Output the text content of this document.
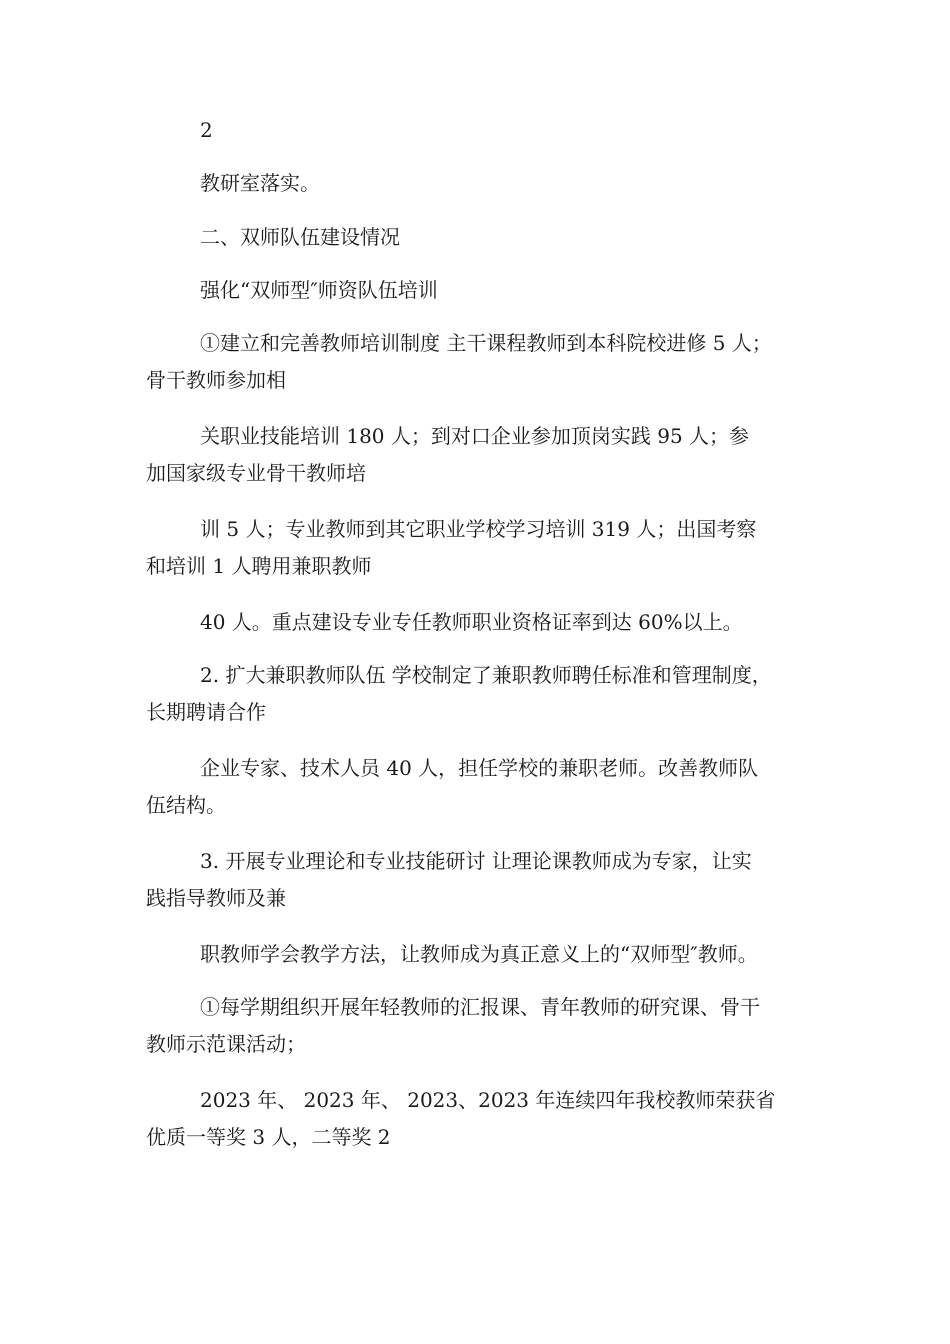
2

教研室落实。

二、双师队伍建设情况

强化“双师型″师资队伍培训

①建立和完善教师培训制度 主干课程教师到本科院校进修 5 人；
骨干教师参加相

关职业技能培训 180 人；到对口企业参加顶岗实践 95 人；参
加国家级专业骨干教师培

训 5 人；专业教师到其它职业学校学习培训 319 人；出国考察
和培训 1 人聘用兼职教师

40 人。重点建设专业专任教师职业资格证率到达 60%以上。

2. 扩大兼职教师队伍 学校制定了兼职教师聘任标准和管理制度，
长期聘请合作

企业专家、技术人员 40 人，担任学校的兼职老师。改善教师队
伍结构。

3. 开展专业理论和专业技能研讨 让理论课教师成为专家，让实
践指导教师及兼

职教师学会教学方法，让教师成为真正意义上的“双师型″教师。

①每学期组织开展年轻教师的汇报课、青年教师的研究课、骨干
教师示范课活动；

2023 年、 2023 年、 2023、2023 年连续四年我校教师荣获省
优质一等奖 3 人，二等奖 2
